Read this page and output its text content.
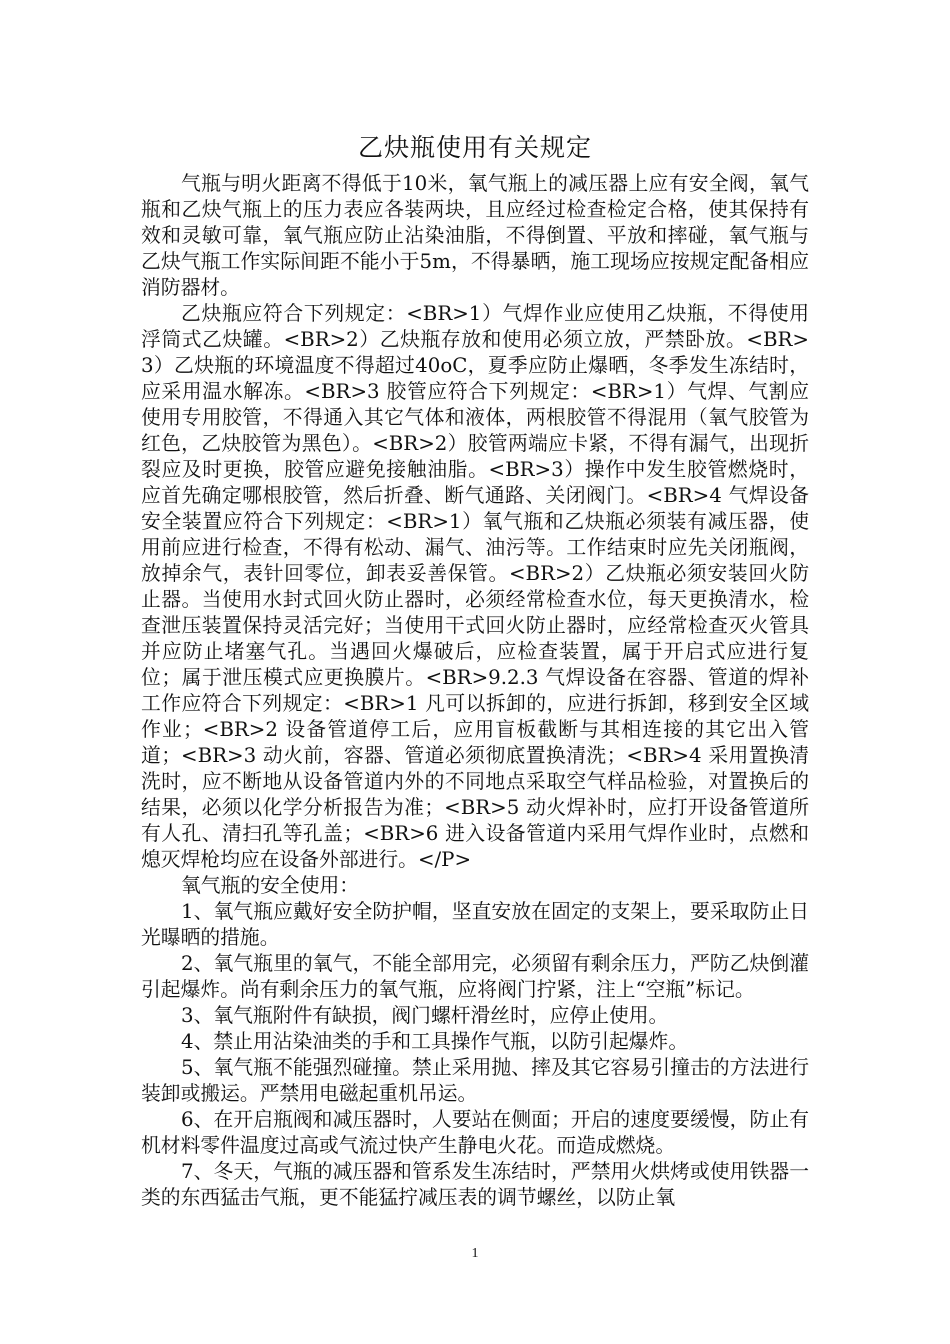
乙炔瓶使用有关规定

气瓶与明火距离不得低于10米，氧气瓶上的减压器上应有安全阀，氧气瓶和乙炔气瓶上的压力表应各装两块，且应经过检查检定合格，使其保持有效和灵敏可靠，氧气瓶应防止沾染油脂，不得倒置、平放和摔碰，氧气瓶与乙炔气瓶工作实际间距不能小于5m，不得暴晒，施工现场应按规定配备相应消防器材。

乙炔瓶应符合下列规定：<BR>1）气焊作业应使用乙炔瓶，不得使用浮筒式乙炔罐。<BR>2）乙炔瓶存放和使用必须立放，严禁卧放。<BR>3）乙炔瓶的环境温度不得超过40oC，夏季应防止爆晒，冬季发生冻结时，应采用温水解冻。<BR>3 胶管应符合下列规定：<BR>1）气焊、气割应使用专用胶管，不得通入其它气体和液体，两根胶管不得混用（氧气胶管为红色，乙炔胶管为黑色）。<BR>2）胶管两端应卡紧，不得有漏气，出现折裂应及时更换，胶管应避免接触油脂。<BR>3）操作中发生胶管燃烧时，应首先确定哪根胶管，然后折叠、断气通路、关闭阀门。<BR>4 气焊设备安全装置应符合下列规定：<BR>1）氧气瓶和乙炔瓶必须装有减压器，使用前应进行检查，不得有松动、漏气、油污等。工作结束时应先关闭瓶阀，放掉余气，表针回零位，卸表妥善保管。<BR>2）乙炔瓶必须安装回火防止器。当使用水封式回火防止器时，必须经常检查水位，每天更换清水，检查泄压装置保持灵活完好；当使用干式回火防止器时，应经常检查灭火管具并应防止堵塞气孔。当遇回火爆破后，应检查装置，属于开启式应进行复位；属于泄压模式应更换膜片。<BR>9.2.3 气焊设备在容器、管道的焊补工作应符合下列规定：<BR>1 凡可以拆卸的，应进行拆卸，移到安全区域作业；<BR>2 设备管道停工后，应用盲板截断与其相连接的其它出入管道；<BR>3 动火前，容器、管道必须彻底置换清洗；<BR>4 采用置换清洗时，应不断地从设备管道内外的不同地点采取空气样品检验，对置换后的结果，必须以化学分析报告为准；<BR>5 动火焊补时，应打开设备管道所有人孔、清扫孔等孔盖；<BR>6 进入设备管道内采用气焊作业时，点燃和熄灭焊枪均应在设备外部进行。</P>

氧气瓶的安全使用：

1、氧气瓶应戴好安全防护帽，坚直安放在固定的支架上，要采取防止日光曝晒的措施。

2、氧气瓶里的氧气，不能全部用完，必须留有剩余压力，严防乙炔倒灌引起爆炸。尚有剩余压力的氧气瓶，应将阀门拧紧，注上“空瓶”标记。

3、氧气瓶附件有缺损，阀门螺杆滑丝时，应停止使用。

4、禁止用沾染油类的手和工具操作气瓶，以防引起爆炸。

5、氧气瓶不能强烈碰撞。禁止采用抛、摔及其它容易引撞击的方法进行装卸或搬运。严禁用电磁起重机吊运。

6、在开启瓶阀和减压器时，人要站在侧面；开启的速度要缓慢，防止有机材料零件温度过高或气流过快产生静电火花。而造成燃烧。

7、冬天，气瓶的减压器和管系发生冻结时，严禁用火烘烤或使用铁器一类的东西猛击气瓶，更不能猛拧减压表的调节螺丝，以防止氧

1
